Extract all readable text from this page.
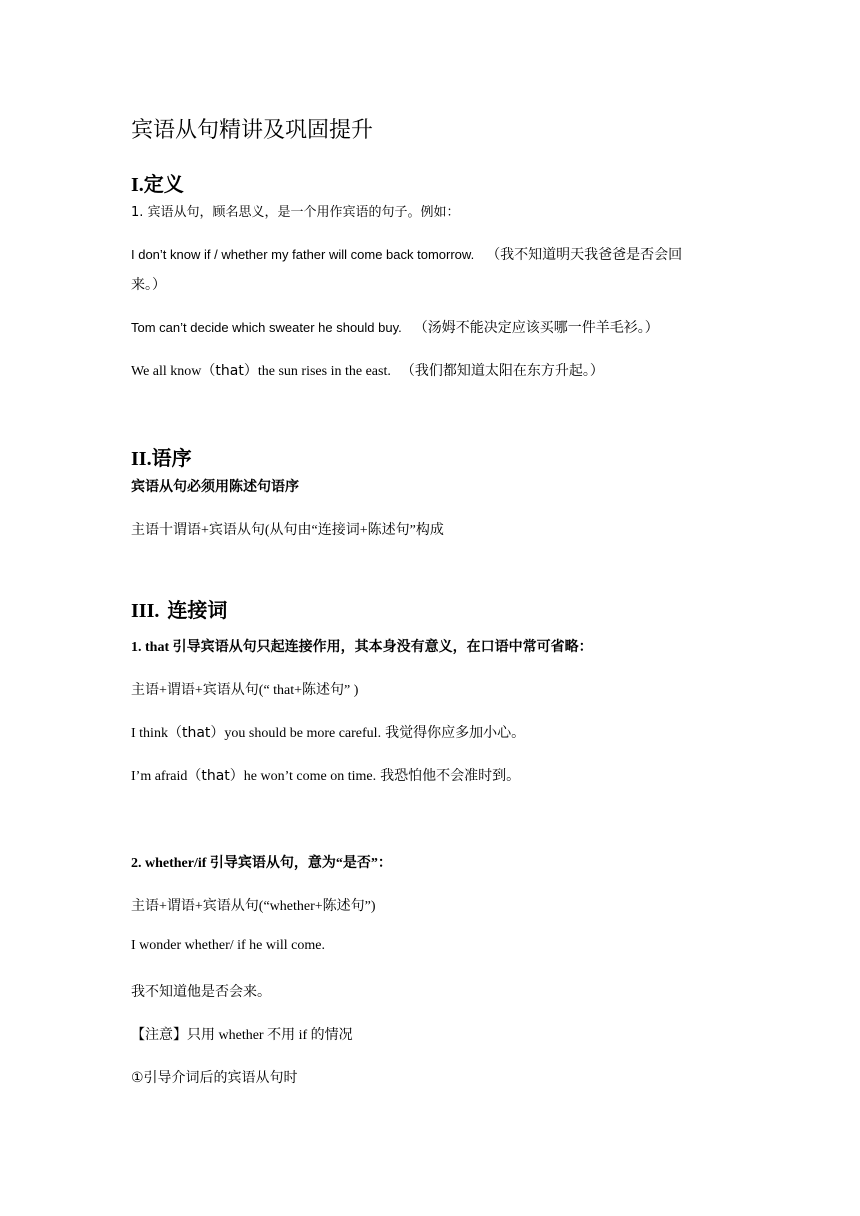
宾语从句精讲及巩固提升
I.定义
1. 宾语从句，顾名思义，是一个用作宾语的句子。例如：
I don’t know if / whether my father will come back tomorrow. （我不知道明天我爸爸是否会回
来。）
Tom can’t decide which sweater he should buy. （汤姆不能决定应该买哪一件羊毛衫。）
We all know（that）the sun rises in the east. （我们都知道太阳在东方升起。）
II.语序
宾语从句必须用陈述句语序
主语十谓语+宾语从句(从句由“连接词+陈述句”构成
III. 连接词
1. that 引导宾语从句只起连接作用，其本身没有意义，在口语中常可省略：
主语+谓语+宾语从句(“ that+陈述句” )
I think（that）you should be more careful. 我觉得你应多加小心。
I’m afraid（that）he won’t come on time. 我恐怕他不会准时到。
2. whether/if 引导宾语从句，意为“是否”：
主语+谓语+宾语从句(“whether+陈述句”)
I wonder whether/ if he will come.
我不知道他是否会来。
【注意】只用 whether 不用 if 的情况
①引导介词后的宾语从句时
